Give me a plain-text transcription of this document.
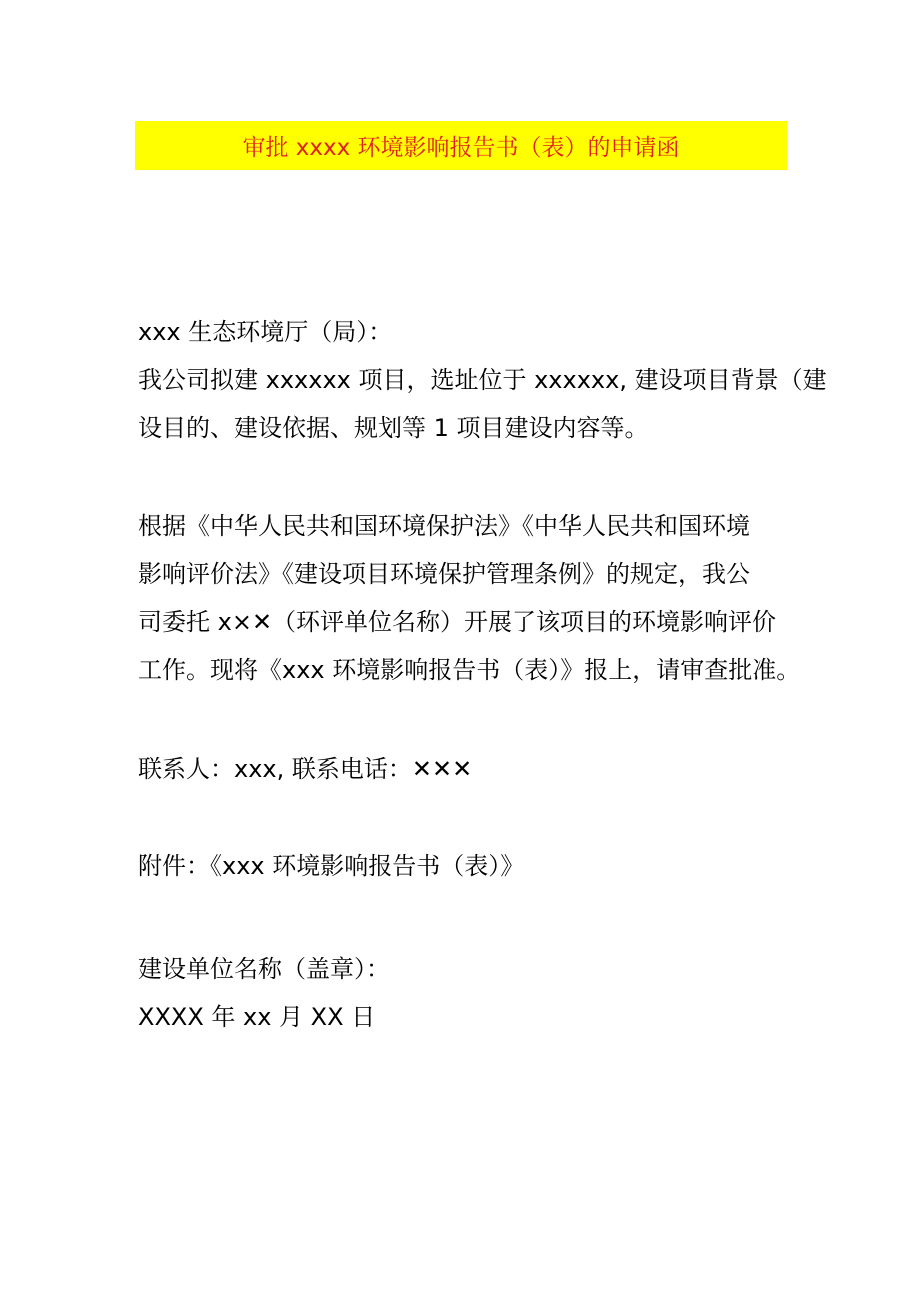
审批 xxxx 环境影响报告书（表）的申请函
xxx 生态环境厅（局）：
我公司拟建 xxxxxx 项目，选址位于 xxxxxx, 建设项目背景（建
设目的、建设依据、规划等 1 项目建设内容等。
根据《中华人民共和国环境保护法》《中华人民共和国环境
影响评价法》《建设项目环境保护管理条例》的规定，我公
司委托 x×✕（环评单位名称）开展了该项目的环境影响评价
工作。现将《xxx 环境影响报告书（表）》报上，请审查批准。
联系人：xxx, 联系电话：✕✕✕
附件：《xxx 环境影响报告书（表）》
建设单位名称（盖章）：
XXXX 年 xx 月 XX 日
